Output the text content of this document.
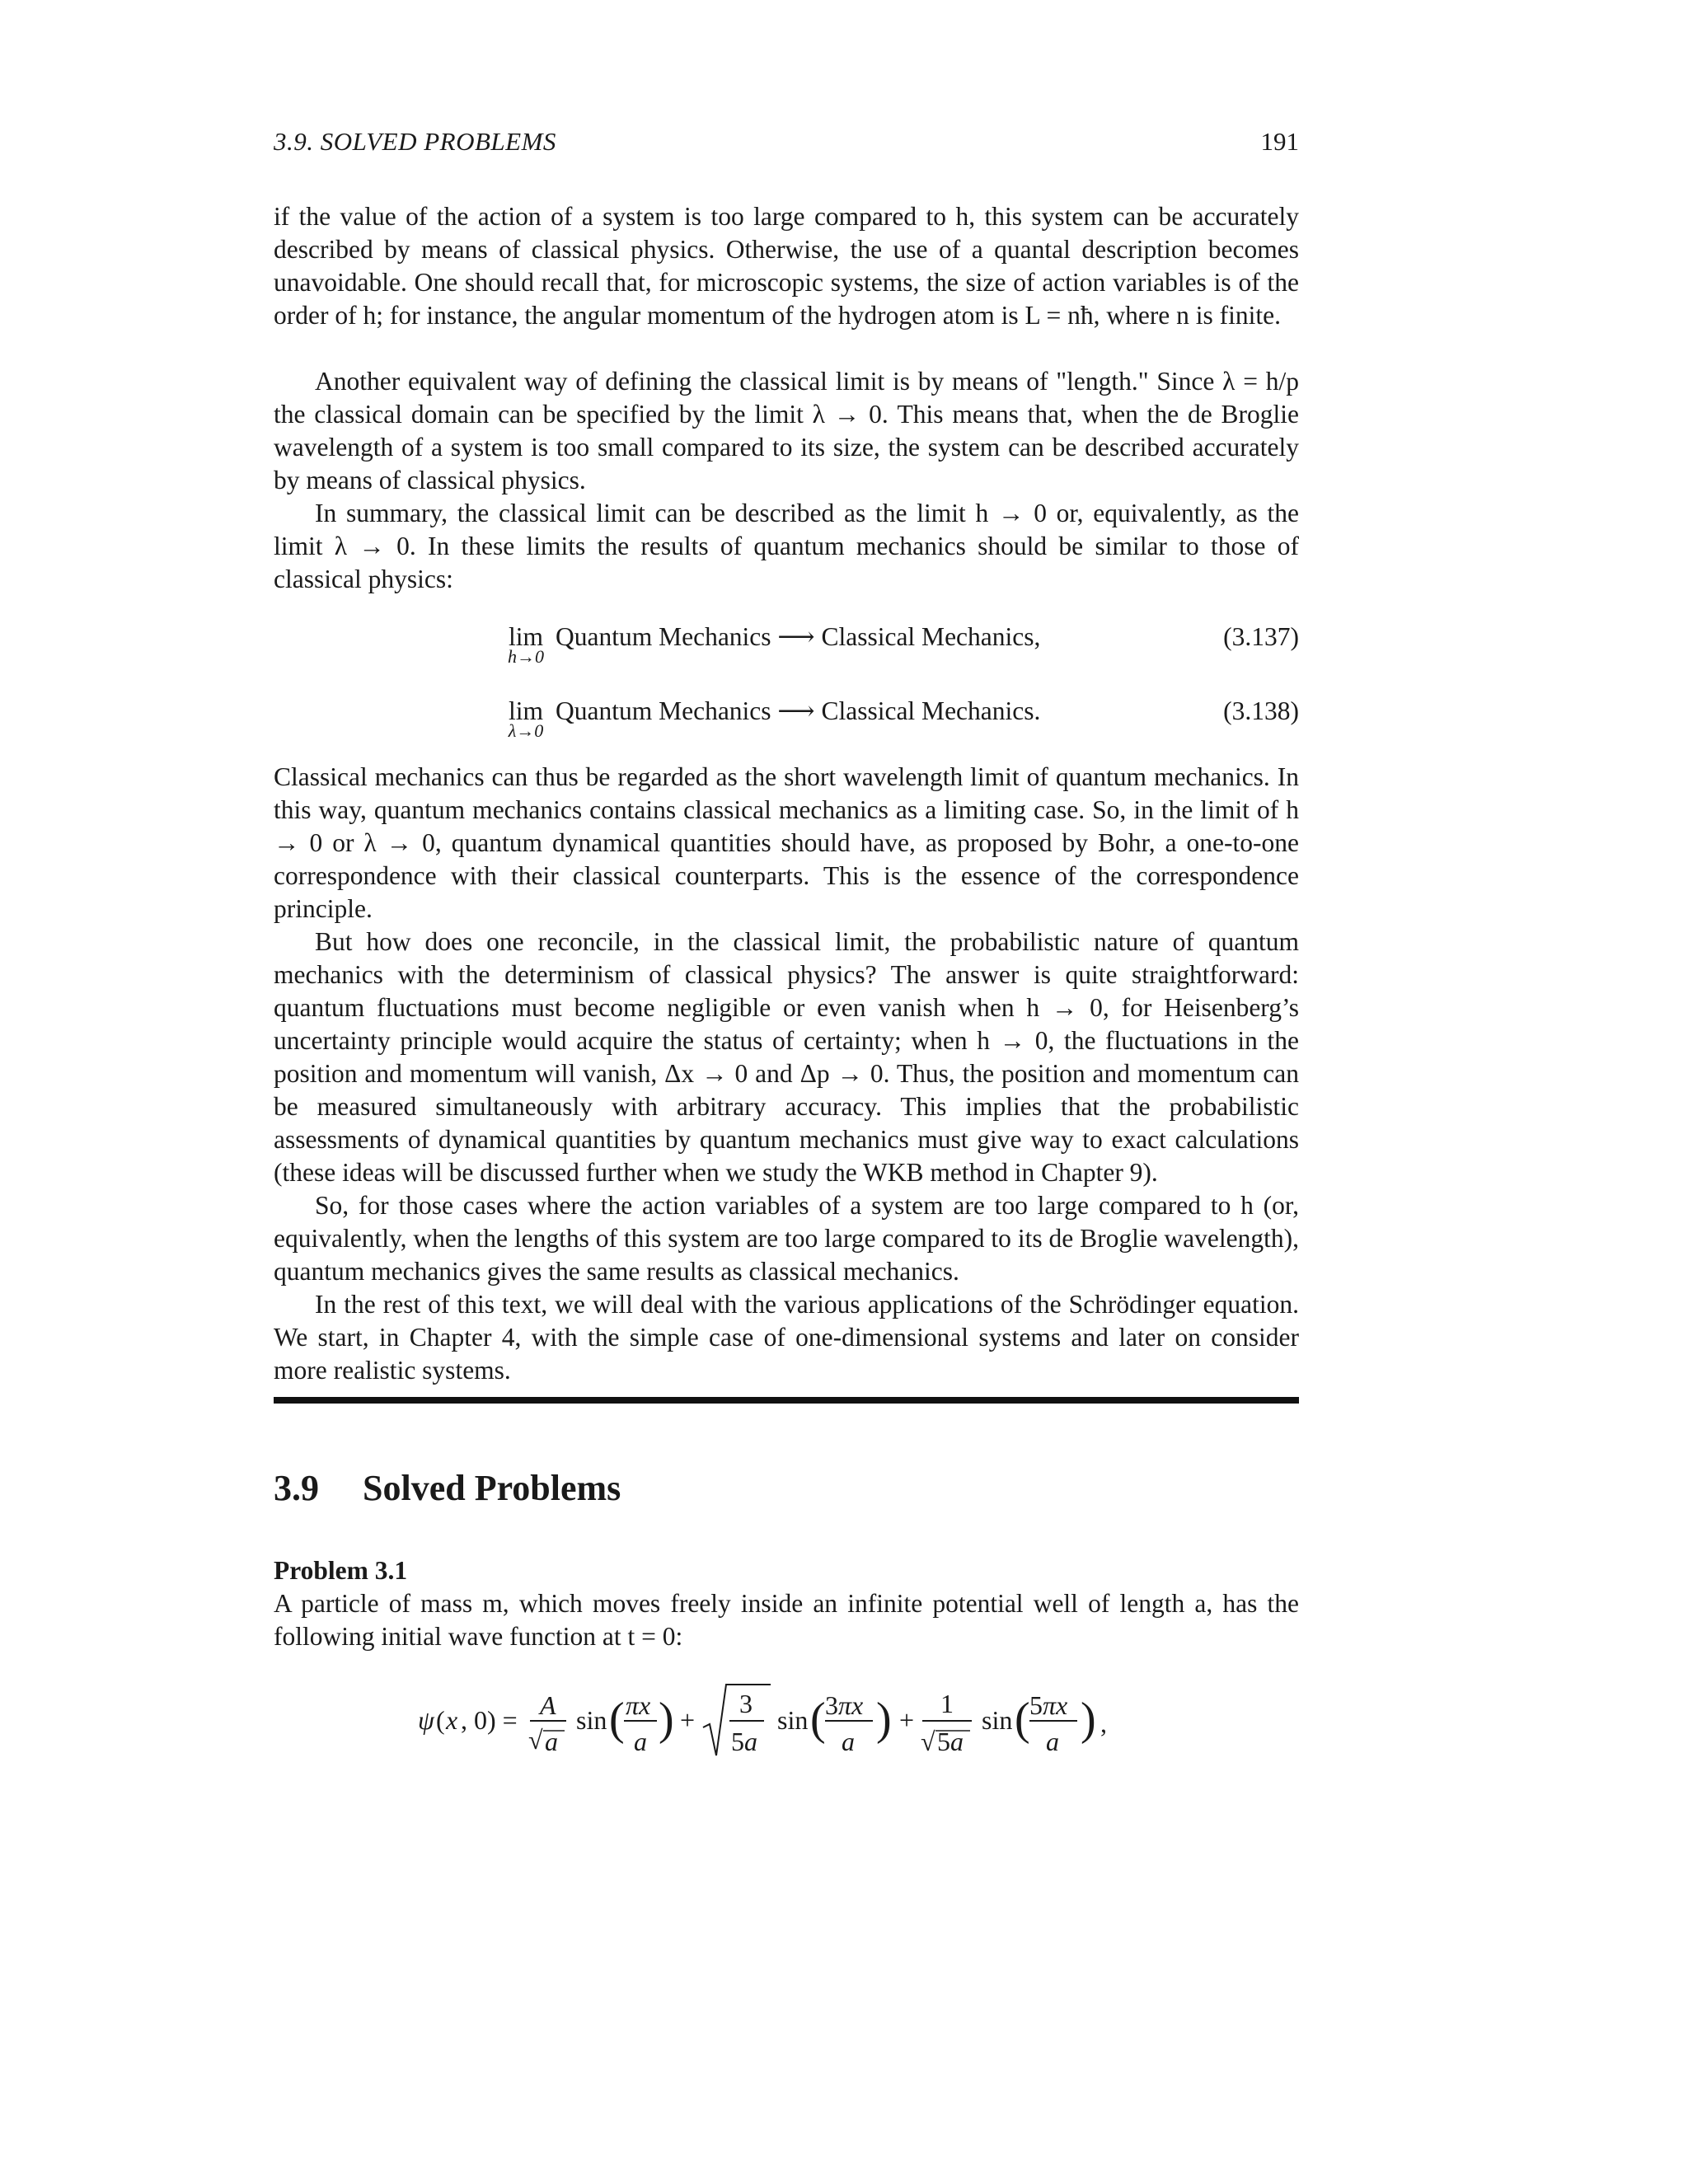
3.9. SOLVED PROBLEMS	191

if the value of the action of a system is too large compared to h, this system can be accurately described by means of classical physics. Otherwise, the use of a quantal description becomes unavoidable. One should recall that, for microscopic systems, the size of action variables is of the order of h; for instance, the angular momentum of the hydrogen atom is L = nħ, where n is finite.

Another equivalent way of defining the classical limit is by means of "length." Since λ = h/p the classical domain can be specified by the limit λ → 0. This means that, when the de Broglie wavelength of a system is too small compared to its size, the system can be described accurately by means of classical physics.

In summary, the classical limit can be described as the limit h → 0 or, equivalently, as the limit λ → 0. In these limits the results of quantum mechanics should be similar to those of classical physics:

lim
h→0
Quantum Mechanics ⟶ Classical Mechanics,	(3.137)
lim
λ→0
Quantum Mechanics ⟶ Classical Mechanics.	(3.138)

Classical mechanics can thus be regarded as the short wavelength limit of quantum mechanics. In this way, quantum mechanics contains classical mechanics as a limiting case. So, in the limit of h → 0 or λ → 0, quantum dynamical quantities should have, as proposed by Bohr, a one-to-one correspondence with their classical counterparts. This is the essence of the correspondence principle.

But how does one reconcile, in the classical limit, the probabilistic nature of quantum mechanics with the determinism of classical physics? The answer is quite straightforward: quantum fluctuations must become negligible or even vanish when h → 0, for Heisenberg’s uncertainty principle would acquire the status of certainty; when h → 0, the fluctuations in the position and momentum will vanish, Δx → 0 and Δp → 0. Thus, the position and momentum can be measured simultaneously with arbitrary accuracy. This implies that the probabilistic assessments of dynamical quantities by quantum mechanics must give way to exact calculations (these ideas will be discussed further when we study the WKB method in Chapter 9).

So, for those cases where the action variables of a system are too large compared to h (or, equivalently, when the lengths of this system are too large compared to its de Broglie wavelength), quantum mechanics gives the same results as classical mechanics.

In the rest of this text, we will deal with the various applications of the Schrödinger equation. We start, in Chapter 4, with the simple case of one-dimensional systems and later on consider more realistic systems.

3.9 Solved Problems
Problem 3.1

A particle of mass m, which moves freely inside an infinite potential well of length a, has the following initial wave function at t = 0:

ψ ( x , 0) = A
√ a
sin ( πx
a ) +
3
5a
sin ( 3πx
a ) +
1
√ 5a
sin ( 5πx
a ) ,
